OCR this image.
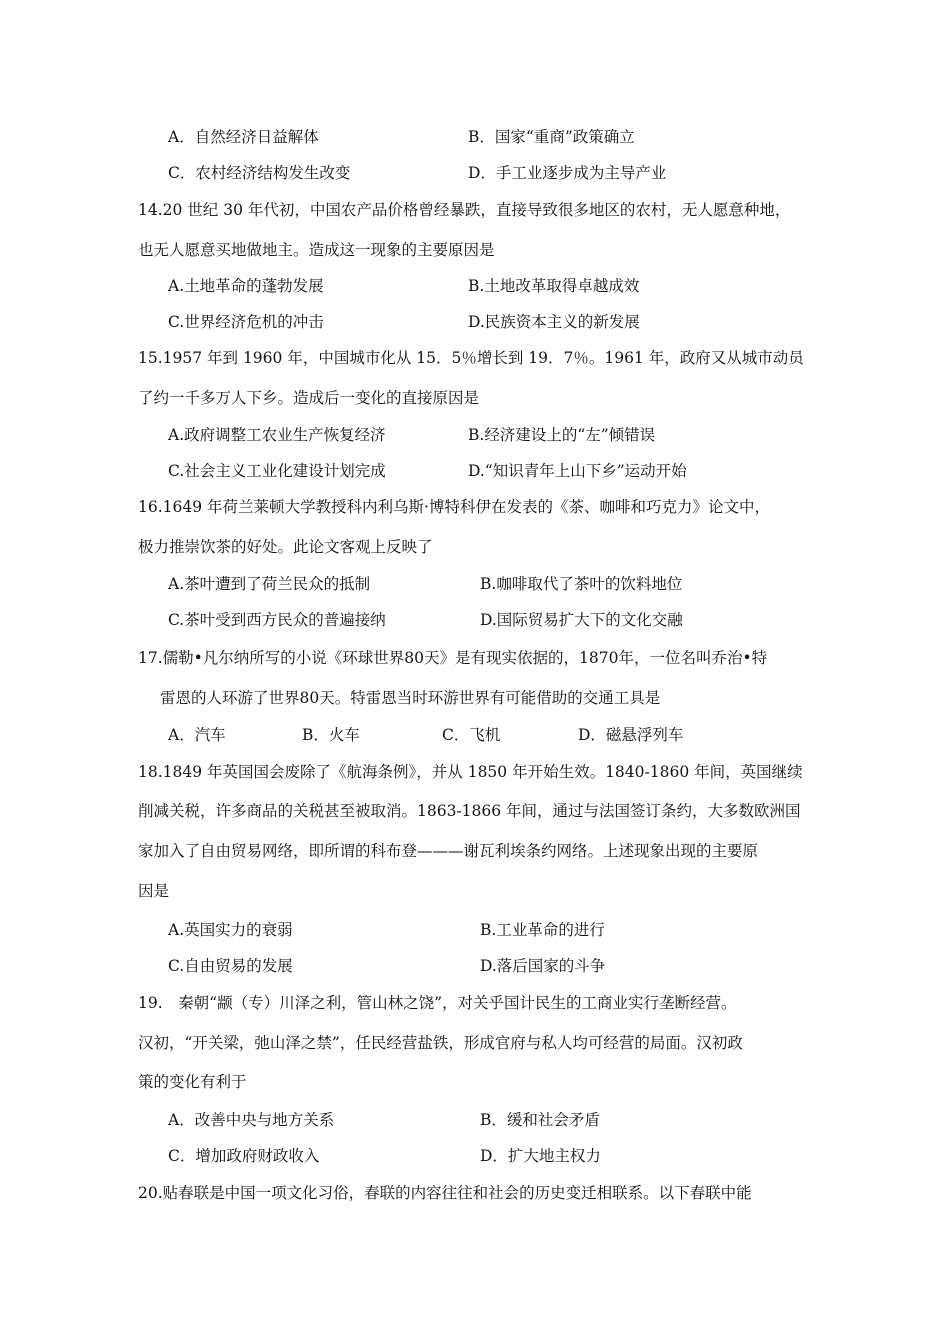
A．自然经济日益解体	B．国家“重商”政策确立
C．农村经济结构发生改变	D．手工业逐步成为主导产业
14.20 世纪 30 年代初，中国农产品价格曾经暴跌，直接导致很多地区的农村，无人愿意种地，
也无人愿意买地做地主。造成这一现象的主要原因是
A.土地革命的蓬勃发展	B.土地改革取得卓越成效
C.世界经济危机的冲击	D.民族资本主义的新发展
15.1957 年到 1960 年，中国城市化从 15．5％增长到 19．7％。1961 年，政府又从城市动员
了约一千多万人下乡。造成后一变化的直接原因是
A.政府调整工农业生产恢复经济	B.经济建设上的“左”倾错误
C.社会主义工业化建设计划完成	D.“知识青年上山下乡”运动开始
16.1649 年荷兰莱顿大学教授科内利乌斯·博特科伊在发表的《茶、咖啡和巧克力》论文中，
极力推崇饮茶的好处。此论文客观上反映了
A.茶叶遭到了荷兰民众的抵制	B.咖啡取代了茶叶的饮料地位
C.茶叶受到西方民众的普遍接纳	D.国际贸易扩大下的文化交融
17.儒勒•凡尔纳所写的小说《环球世界80天》是有现实依据的，1870年，一位名叫乔治•特
雷恩的人环游了世界80天。特雷恩当时环游世界有可能借助的交通工具是
A．汽车	B．火车	C．飞机	D．磁悬浮列车
18.1849 年英国国会废除了《航海条例》，并从 1850 年开始生效。1840-1860 年间，英国继续
削减关税，许多商品的关税甚至被取消。1863-1866 年间，通过与法国签订条约，大多数欧洲国
家加入了自由贸易网络，即所谓的科布登———谢瓦利埃条约网络。上述现象出现的主要原
因是
A.英国实力的衰弱	B.工业革命的进行
C.自由贸易的发展	D.落后国家的斗争
19.　秦朝“颛（专）川泽之利，管山林之饶”，对关乎国计民生的工商业实行垄断经营。
汉初，“开关梁，弛山泽之禁”，任民经营盐铁，形成官府与私人均可经营的局面。汉初政
策的变化有利于
A．改善中央与地方关系	B．缓和社会矛盾
C．增加政府财政收入	D．扩大地主权力
20.贴春联是中国一项文化习俗，春联的内容往往和社会的历史变迁相联系。以下春联中能
